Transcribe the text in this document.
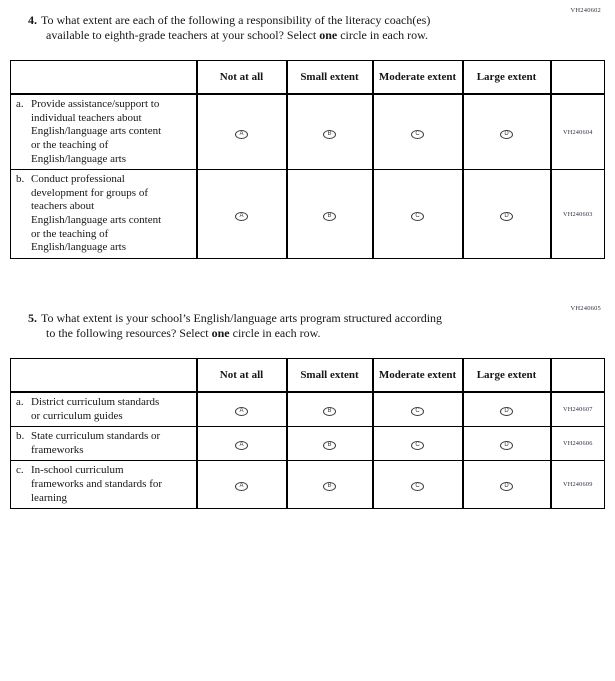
VH240602

4. To what extent are each of the following a responsibility of the literacy coach(es)
available to eighth-grade teachers at your school? Select one circle in each row.

	Not at all	Small extent	Moderate extent	Large extent	
a. Provide assistance/support to individual teachers about English/language arts content or the teaching of English/language arts	A	B	C	D	VH240604
b. Conduct professional development for groups of teachers about English/language arts content or the teaching of English/language arts	A	B	C	D	VH240603
VH240605

5. To what extent is your school’s English/language arts program structured according
to the following resources? Select one circle in each row.

	Not at all	Small extent	Moderate extent	Large extent	
a. District curriculum standards or curriculum guides	A	B	C	D	VH240607
b. State curriculum standards or frameworks	A	B	C	D	VH240606
c. In-school curriculum frameworks and standards for learning	A	B	C	D	VH240609
